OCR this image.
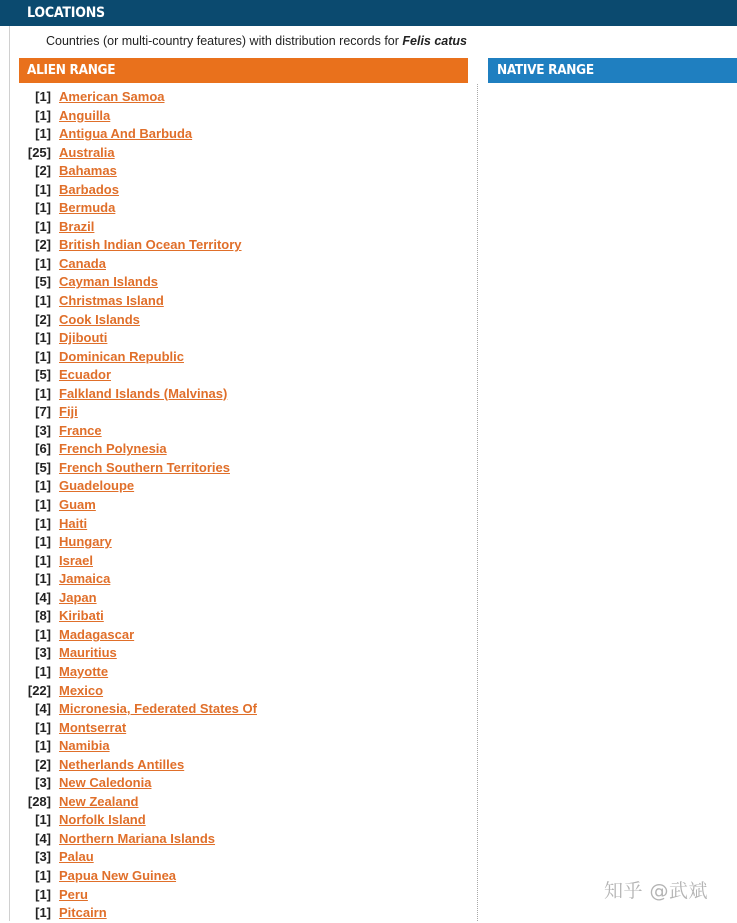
LOCATIONS
Countries (or multi-country features) with distribution records for Felis catus
ALIEN RANGE	NATIVE RANGE
[1] American Samoa
[1] Anguilla
[1] Antigua And Barbuda
[25] Australia
[2] Bahamas
[1] Barbados
[1] Bermuda
[1] Brazil
[2] British Indian Ocean Territory
[1] Canada
[5] Cayman Islands
[1] Christmas Island
[2] Cook Islands
[1] Djibouti
[1] Dominican Republic
[5] Ecuador
[1] Falkland Islands (Malvinas)
[7] Fiji
[3] France
[6] French Polynesia
[5] French Southern Territories
[1] Guadeloupe
[1] Guam
[1] Haiti
[1] Hungary
[1] Israel
[1] Jamaica
[4] Japan
[8] Kiribati
[1] Madagascar
[3] Mauritius
[1] Mayotte
[22] Mexico
[4] Micronesia, Federated States Of
[1] Montserrat
[1] Namibia
[2] Netherlands Antilles
[3] New Caledonia
[28] New Zealand
[1] Norfolk Island
[4] Northern Mariana Islands
[3] Palau
[1] Papua New Guinea
[1] Peru
[1] Pitcairn
知乎 @武斌
